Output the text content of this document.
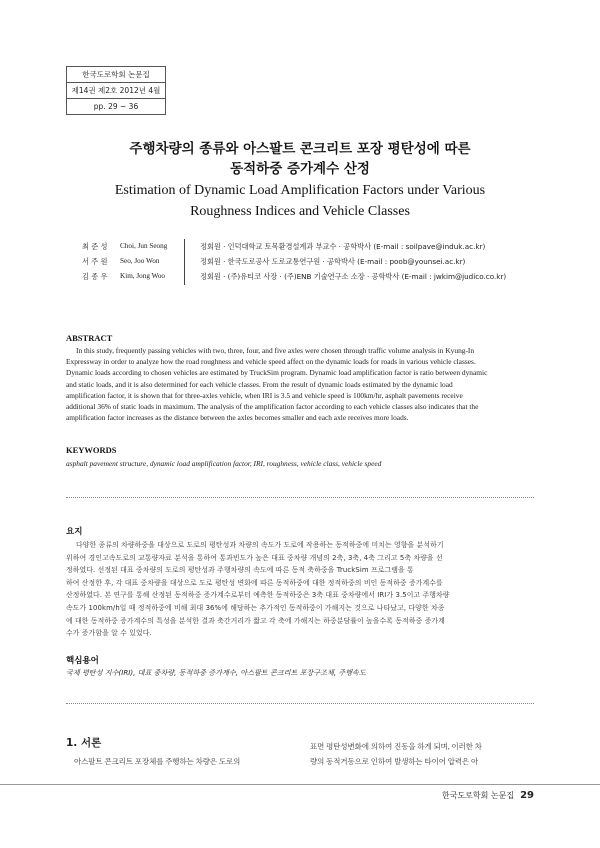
한국도로학회 논문집
제14권 제2호 2012년 4월
pp. 29 ~ 36
주행차량의 종류와 아스팔트 콘크리트 포장 평탄성에 따른
동적하중 증가계수 산정
Estimation of Dynamic Load Amplification Factors under Various
Roughness Indices and Vehicle Classes
최 준 성 Choi, Jun Seong	정회원 · 인덕대학교 토목환경설계과 부교수 · 공학박사 (E-mail : soilpave@induk.ac.kr)
서 주 원 Seo, Joo Won	정회원 · 한국도로공사 도로교통연구원 · 공학박사 (E-mail : poob@younsei.ac.kr)
김 종 우 Kim, Jong Woo	정회원 · (주)유티코 사장 · (주)ENB 기술연구소 소장 · 공학박사 (E-mail : jwkim@judico.co.kr)
ABSTRACT
In this study, frequently passing vehicles with two, three, four, and five axles were chosen through traffic volume analysis in Kyung-In
Expressway in order to analyze how the road roughness and vehicle speed affect on the dynamic loads for roads in various vehicle classes.
Dynamic loads according to chosen vehicles are estimated by TruckSim program. Dynamic load amplification factor is ratio between dynamic
and static loads, and it is also determined for each vehicle classes. From the result of dynamic loads estimated by the dynamic load
amplification factor, it is shown that for three-axles vehicle, when IRI is 3.5 and vehicle speed is 100km/hr, asphalt pavements receive
additional 36% of static loads in maximum. The analysis of the amplification factor according to each vehicle classes also indicates that the
amplification factor increases as the distance between the axles becomes smaller and each axle receives more loads.
KEYWORDS
asphalt pavement structure, dynamic load amplification factor, IRI, roughness, vehicle class, vehicle speed
요지
다양한 종류의 차량하중을 대상으로 도로의 평탄성과 차량의 속도가 도로에 작용하는 동적하중에 미치는 영향을 분석하기
위하여 경인고속도로의 교통량자료 분석을 통하여 통과빈도가 높은 대표 중차량 개념의 2축, 3축, 4축 그리고 5축 차량을 선
정하였다. 선정된 대표 중차량의 도로의 평탄성과 주행차량의 속도에 따른 동적 축하중을 TruckSim 프로그램을 통
하여 산정한 후, 각 대표 중차량을 대상으로 도로 평탄성 변화에 따른 동적하중에 대한 정적하중의 비인 동적하중 증가계수를
산정하였다. 본 연구를 통해 산정된 동적하중 증가계수로부터 예측한 동적하중은 3축 대표 중차량에서 IRI가 3.5이고 주행차량
속도가 100km/h일 때 정적하중에 비해 최대 36%에 해당하는 추가적인 동적하중이 가해지는 것으로 나타났고, 다양한 차종
에 대한 동적하중 증가계수의 특성을 분석한 결과 축간거리가 짧고 각 축에 가해지는 하중분담률이 높을수록 동적하중 증가계
수가 증가함을 알 수 있었다.
핵심용어
국제 평탄성 지수(IRI), 대표 중차량, 동적하중 증가계수, 아스팔트 콘크리트 포장구조체, 주행속도
1. 서론
아스팔트 콘크리트 포장체를 주행하는 차량은 도로의
표면 평탄성변화에 의하여 진동을 하게 되며, 이러한 차
량의 동적거동으로 인하여 발생하는 타이어 압력은 아
한국도로학회 논문집 29
